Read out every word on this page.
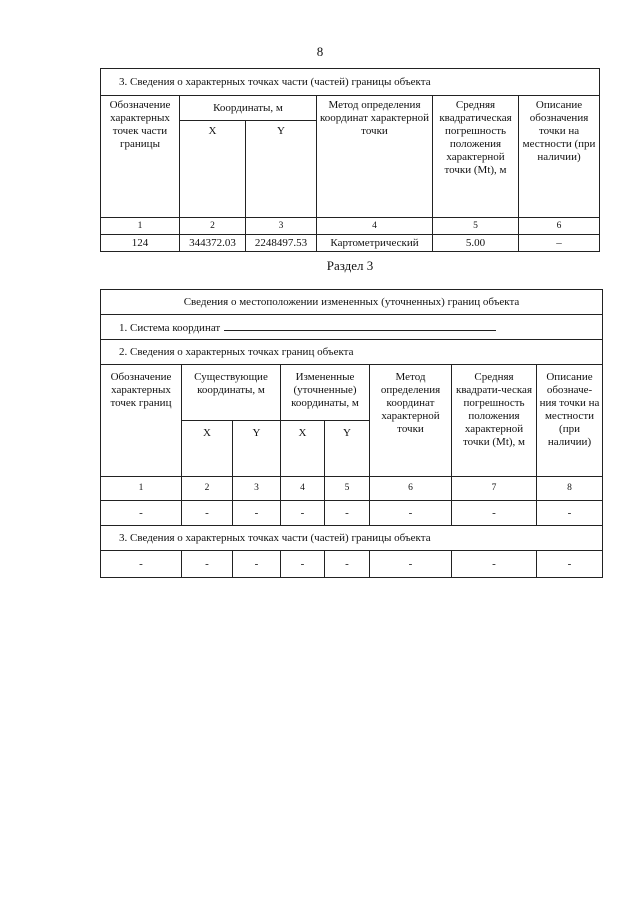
8
3. Сведения о характерных точках части (частей) границы объекта					
Обозначение характерных точек части границы	Координаты, м		Метод определения координат характерной точки	Средняя квадратическая погрешность положения характерной точки (Mt), м	Описание обозначения точки на местности (при наличии)
	X	Y			
1	2	3	4	5	6
124	344372.03	2248497.53	Картометрический	5.00	–
Раздел 3
Сведения о местоположении измененных (уточненных) границ объекта							
1. Система координат							
2. Сведения о характерных точках границ объекта							
Обозначение характерных точек границ	Существующие координаты, м		Измененные (уточненные) координаты, м		Метод определения координат характерной точки	Средняя квадрати-ческая погрешность положения характерной точки (Mt), м	Описание обозначе-ния точки на местности (при наличии)
	X	Y	X	Y			
1	2	3	4	5	6	7	8
-	-	-	-	-	-	-	-
3. Сведения о характерных точках части (частей) границы объекта							
-	-	-	-	-	-	-	-
